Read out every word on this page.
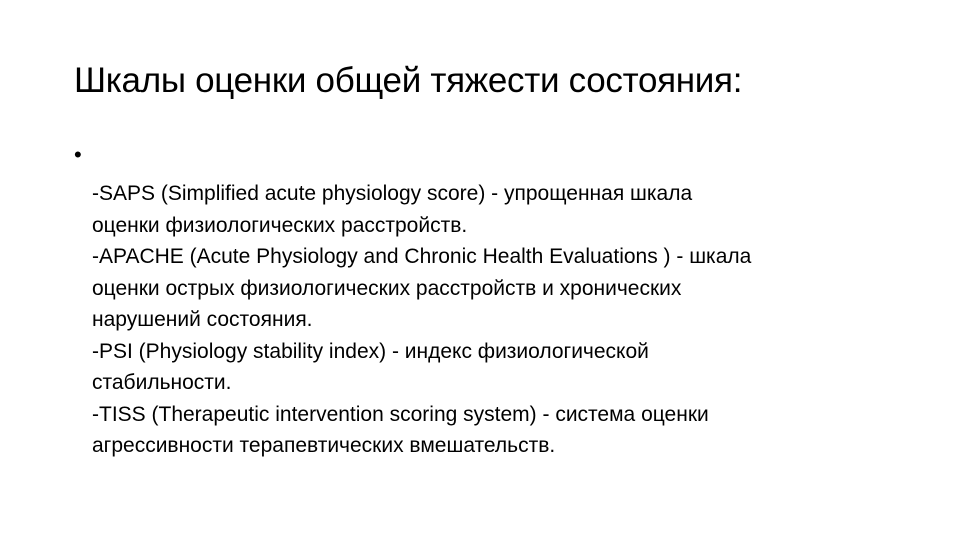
Шкалы оценки общей тяжести состояния:
•
-SAPS (Simplified acute physiology score) - упрощенная шкала
оценки физиологических расстройств.
-APACHE (Acute Physiology and Chronic Health Evaluations ) - шкала
оценки острых физиологических расстройств и хронических
нарушений состояния.
-PSI (Physiology stability index) - индекс физиологической
стабильности.
-TISS (Therapeutic intervention scoring system) - система оценки
агрессивности терапевтических вмешательств.
